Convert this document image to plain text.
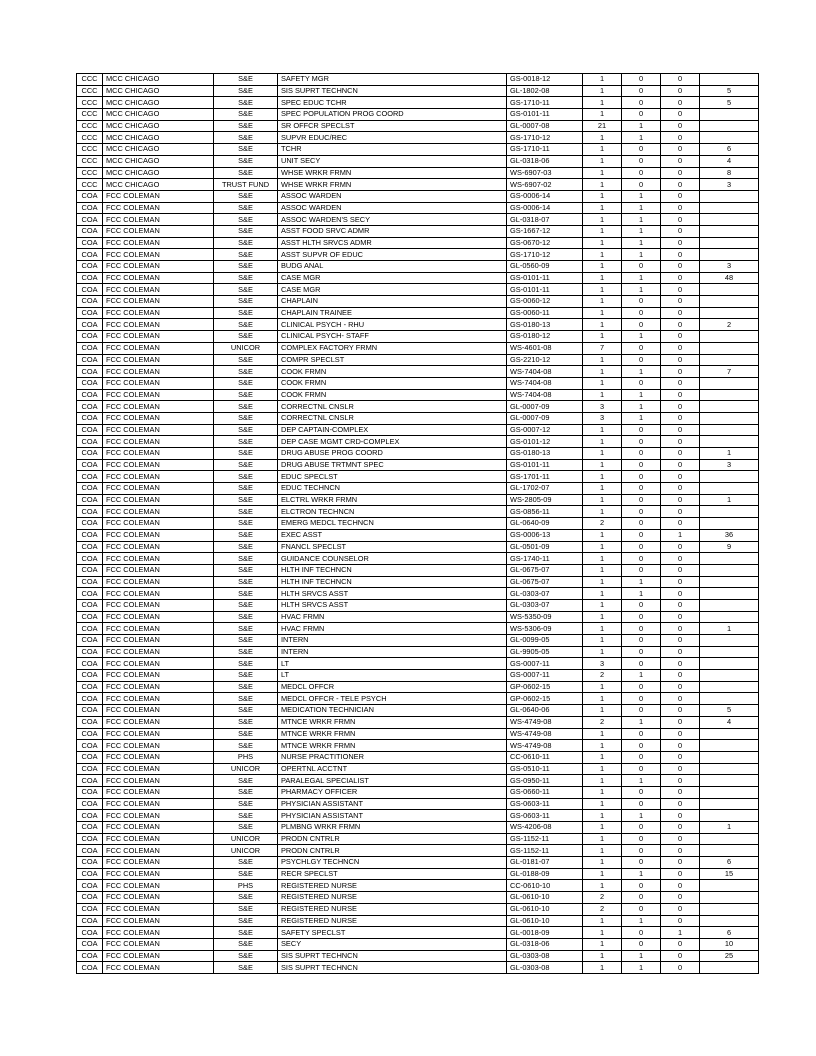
CCC	MCC CHICAGO	S&E	SAFETY MGR	GS-0018-12	1	0	0	
CCC	MCC CHICAGO	S&E	SIS SUPRT TECHNCN	GL-1802-08	1	0	0	5
CCC	MCC CHICAGO	S&E	SPEC EDUC TCHR	GS-1710-11	1	0	0	5
CCC	MCC CHICAGO	S&E	SPEC POPULATION PROG COORD	GS-0101-11	1	0	0	
CCC	MCC CHICAGO	S&E	SR OFFCR SPECLST	GL-0007-08	21	1	0	
CCC	MCC CHICAGO	S&E	SUPVR EDUC/REC	GS-1710-12	1	1	0	
CCC	MCC CHICAGO	S&E	TCHR	GS-1710-11	1	0	0	6
CCC	MCC CHICAGO	S&E	UNIT SECY	GL-0318-06	1	0	0	4
CCC	MCC CHICAGO	S&E	WHSE WRKR FRMN	WS-6907-03	1	0	0	8
CCC	MCC CHICAGO	TRUST FUND	WHSE WRKR FRMN	WS-6907-02	1	0	0	3
COA	FCC COLEMAN	S&E	ASSOC WARDEN	GS-0006-14	1	1	0	
COA	FCC COLEMAN	S&E	ASSOC WARDEN	GS-0006-14	1	1	0	
COA	FCC COLEMAN	S&E	ASSOC WARDEN'S SECY	GL-0318-07	1	1	0	
COA	FCC COLEMAN	S&E	ASST FOOD SRVC ADMR	GS-1667-12	1	1	0	
COA	FCC COLEMAN	S&E	ASST HLTH SRVCS ADMR	GS-0670-12	1	1	0	
COA	FCC COLEMAN	S&E	ASST SUPVR OF EDUC	GS-1710-12	1	1	0	
COA	FCC COLEMAN	S&E	BUDG ANAL	GL-0560-09	1	0	0	3
COA	FCC COLEMAN	S&E	CASE MGR	GS-0101-11	1	1	0	48
COA	FCC COLEMAN	S&E	CASE MGR	GS-0101-11	1	1	0	
COA	FCC COLEMAN	S&E	CHAPLAIN	GS-0060-12	1	0	0	
COA	FCC COLEMAN	S&E	CHAPLAIN TRAINEE	GS-0060-11	1	0	0	
COA	FCC COLEMAN	S&E	CLINICAL PSYCH - RHU	GS-0180-13	1	0	0	2
COA	FCC COLEMAN	S&E	CLINICAL PSYCH- STAFF	GS-0180-12	1	1	0	
COA	FCC COLEMAN	UNICOR	COMPLEX FACTORY FRMN	WS-4601-08	7	0	0	
COA	FCC COLEMAN	S&E	COMPR SPECLST	GS-2210-12	1	0	0	
COA	FCC COLEMAN	S&E	COOK FRMN	WS-7404-08	1	1	0	7
COA	FCC COLEMAN	S&E	COOK FRMN	WS-7404-08	1	0	0	
COA	FCC COLEMAN	S&E	COOK FRMN	WS-7404-08	1	1	0	
COA	FCC COLEMAN	S&E	CORRECTNL CNSLR	GL-0007-09	3	1	0	
COA	FCC COLEMAN	S&E	CORRECTNL CNSLR	GL-0007-09	3	1	0	
COA	FCC COLEMAN	S&E	DEP CAPTAIN-COMPLEX	GS-0007-12	1	0	0	
COA	FCC COLEMAN	S&E	DEP CASE MGMT CRD-COMPLEX	GS-0101-12	1	0	0	
COA	FCC COLEMAN	S&E	DRUG ABUSE PROG COORD	GS-0180-13	1	0	0	1
COA	FCC COLEMAN	S&E	DRUG ABUSE TRTMNT SPEC	GS-0101-11	1	0	0	3
COA	FCC COLEMAN	S&E	EDUC SPECLST	GS-1701-11	1	0	0	
COA	FCC COLEMAN	S&E	EDUC TECHNCN	GL-1702-07	1	0	0	
COA	FCC COLEMAN	S&E	ELCTRL WRKR FRMN	WS-2805-09	1	0	0	1
COA	FCC COLEMAN	S&E	ELCTRON TECHNCN	GS-0856-11	1	0	0	
COA	FCC COLEMAN	S&E	EMERG MEDCL TECHNCN	GL-0640-09	2	0	0	
COA	FCC COLEMAN	S&E	EXEC ASST	GS-0006-13	1	0	1	36
COA	FCC COLEMAN	S&E	FNANCL SPECLST	GL-0501-09	1	0	0	9
COA	FCC COLEMAN	S&E	GUIDANCE COUNSELOR	GS-1740-11	1	0	0	
COA	FCC COLEMAN	S&E	HLTH INF TECHNCN	GL-0675-07	1	0	0	
COA	FCC COLEMAN	S&E	HLTH INF TECHNCN	GL-0675-07	1	1	0	
COA	FCC COLEMAN	S&E	HLTH SRVCS ASST	GL-0303-07	1	1	0	
COA	FCC COLEMAN	S&E	HLTH SRVCS ASST	GL-0303-07	1	0	0	
COA	FCC COLEMAN	S&E	HVAC FRMN	WS-5350-09	1	0	0	
COA	FCC COLEMAN	S&E	HVAC FRMN	WS-5306-09	1	0	0	1
COA	FCC COLEMAN	S&E	INTERN	GL-0099-05	1	0	0	
COA	FCC COLEMAN	S&E	INTERN	GL-9905-05	1	0	0	
COA	FCC COLEMAN	S&E	LT	GS-0007-11	3	0	0	
COA	FCC COLEMAN	S&E	LT	GS-0007-11	2	1	0	
COA	FCC COLEMAN	S&E	MEDCL OFFCR	GP-0602-15	1	0	0	
COA	FCC COLEMAN	S&E	MEDCL OFFCR - TELE PSYCH	GP-0602-15	1	0	0	
COA	FCC COLEMAN	S&E	MEDICATION TECHNICIAN	GL-0640-06	1	0	0	5
COA	FCC COLEMAN	S&E	MTNCE WRKR FRMN	WS-4749-08	2	1	0	4
COA	FCC COLEMAN	S&E	MTNCE WRKR FRMN	WS-4749-08	1	0	0	
COA	FCC COLEMAN	S&E	MTNCE WRKR FRMN	WS-4749-08	1	0	0	
COA	FCC COLEMAN	PHS	NURSE PRACTITIONER	CC-0610-11	1	0	0	
COA	FCC COLEMAN	UNICOR	OPERTNL ACCTNT	GS-0510-11	1	0	0	
COA	FCC COLEMAN	S&E	PARALEGAL SPECIALIST	GS-0950-11	1	1	0	
COA	FCC COLEMAN	S&E	PHARMACY OFFICER	GS-0660-11	1	0	0	
COA	FCC COLEMAN	S&E	PHYSICIAN ASSISTANT	GS-0603-11	1	0	0	
COA	FCC COLEMAN	S&E	PHYSICIAN ASSISTANT	GS-0603-11	1	1	0	
COA	FCC COLEMAN	S&E	PLMBNG WRKR FRMN	WS-4206-08	1	0	0	1
COA	FCC COLEMAN	UNICOR	PRODN CNTRLR	GS-1152-11	1	0	0	
COA	FCC COLEMAN	UNICOR	PRODN CNTRLR	GS-1152-11	1	0	0	
COA	FCC COLEMAN	S&E	PSYCHLGY TECHNCN	GL-0181-07	1	0	0	6
COA	FCC COLEMAN	S&E	RECR SPECLST	GL-0188-09	1	1	0	15
COA	FCC COLEMAN	PHS	REGISTERED NURSE	CC-0610-10	1	0	0	
COA	FCC COLEMAN	S&E	REGISTERED NURSE	GL-0610-10	2	0	0	
COA	FCC COLEMAN	S&E	REGISTERED NURSE	GL-0610-10	2	0	0	
COA	FCC COLEMAN	S&E	REGISTERED NURSE	GL-0610-10	1	1	0	
COA	FCC COLEMAN	S&E	SAFETY SPECLST	GL-0018-09	1	0	1	6
COA	FCC COLEMAN	S&E	SECY	GL-0318-06	1	0	0	10
COA	FCC COLEMAN	S&E	SIS SUPRT TECHNCN	GL-0303-08	1	1	0	25
COA	FCC COLEMAN	S&E	SIS SUPRT TECHNCN	GL-0303-08	1	1	0	
